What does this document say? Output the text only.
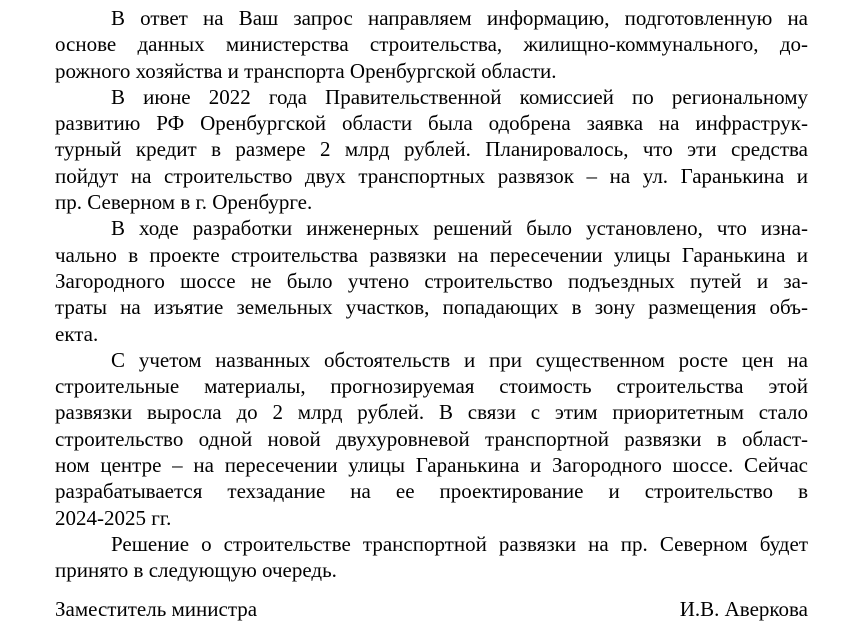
В ответ на Ваш запрос направляем информацию, подготовленную на
основе данных министерства строительства, жилищно-коммунального, до-
рожного хозяйства и транспорта Оренбургской области.
В июне 2022 года Правительственной комиссией по региональному
развитию РФ Оренбургской области была одобрена заявка на инфраструк-
турный кредит в размере 2 млрд рублей. Планировалось, что эти средства
пойдут на строительство двух транспортных развязок – на ул. Гаранькина и
пр. Северном в г. Оренбурге.
В ходе разработки инженерных решений было установлено, что изна-
чально в проекте строительства развязки на пересечении улицы Гаранькина и
Загородного шоссе не было учтено строительство подъездных путей и за-
траты на изъятие земельных участков, попадающих в зону размещения объ-
екта.
С учетом названных обстоятельств и при существенном росте цен на
строительные материалы, прогнозируемая стоимость строительства этой
развязки выросла до 2 млрд рублей. В связи с этим приоритетным стало
строительство одной новой двухуровневой транспортной развязки в област-
ном центре – на пересечении улицы Гаранькина и Загородного шоссе. Сейчас
разрабатывается техзадание на ее проектирование и строительство в
2024-2025 гг.
Решение о строительстве транспортной развязки на пр. Северном будет
принято в следующую очередь.
Заместитель министра	И.В. Аверкова
